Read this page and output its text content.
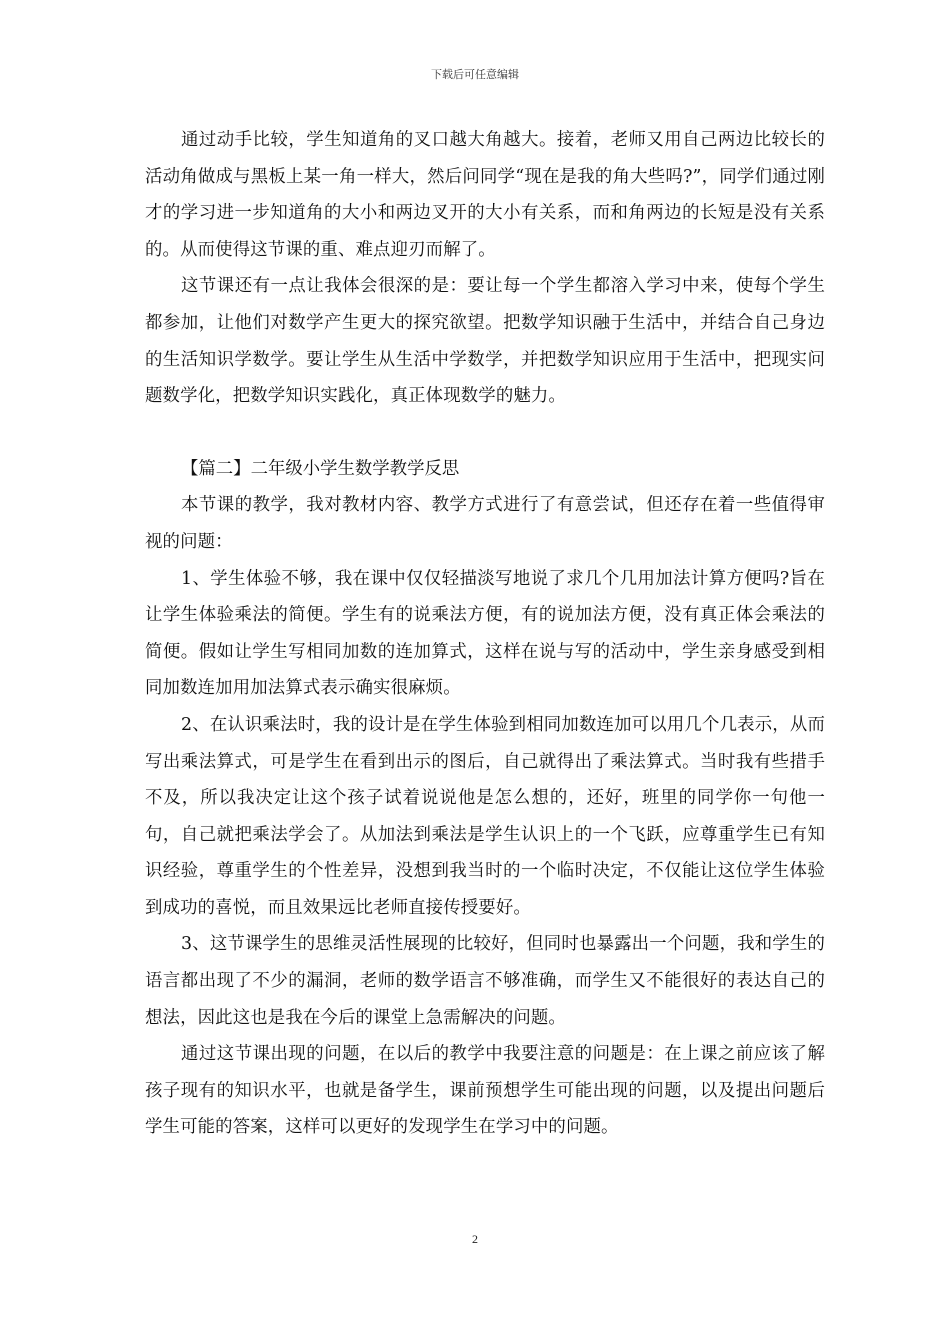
下载后可任意编辑

通过动手比较，学生知道角的叉口越大角越大。接着，老师又用自己两边比较长的活动角做成与黑板上某一角一样大，然后问同学“现在是我的角大些吗?”，同学们通过刚才的学习进一步知道角的大小和两边叉开的大小有关系，而和角两边的长短是没有关系的。从而使得这节课的重、难点迎刃而解了。

这节课还有一点让我体会很深的是：要让每一个学生都溶入学习中来，使每个学生都参加，让他们对数学产生更大的探究欲望。把数学知识融于生活中，并结合自己身边的生活知识学数学。要让学生从生活中学数学，并把数学知识应用于生活中，把现实问题数学化，把数学知识实践化，真正体现数学的魅力。

【篇二】二年级小学生数学教学反思

本节课的教学，我对教材内容、教学方式进行了有意尝试，但还存在着一些值得审视的问题：

1、学生体验不够，我在课中仅仅轻描淡写地说了求几个几用加法计算方便吗?旨在让学生体验乘法的简便。学生有的说乘法方便，有的说加法方便，没有真正体会乘法的简便。假如让学生写相同加数的连加算式，这样在说与写的活动中，学生亲身感受到相同加数连加用加法算式表示确实很麻烦。

2、在认识乘法时，我的设计是在学生体验到相同加数连加可以用几个几表示，从而写出乘法算式，可是学生在看到出示的图后，自己就得出了乘法算式。当时我有些措手不及，所以我决定让这个孩子试着说说他是怎么想的，还好，班里的同学你一句他一句，自己就把乘法学会了。从加法到乘法是学生认识上的一个飞跃，应尊重学生已有知识经验，尊重学生的个性差异，没想到我当时的一个临时决定，不仅能让这位学生体验到成功的喜悦，而且效果远比老师直接传授要好。

3、这节课学生的思维灵活性展现的比较好，但同时也暴露出一个问题，我和学生的语言都出现了不少的漏洞，老师的数学语言不够准确，而学生又不能很好的表达自己的想法，因此这也是我在今后的课堂上急需解决的问题。

通过这节课出现的问题，在以后的教学中我要注意的问题是：在上课之前应该了解孩子现有的知识水平，也就是备学生，课前预想学生可能出现的问题，以及提出问题后学生可能的答案，这样可以更好的发现学生在学习中的问题。

2
